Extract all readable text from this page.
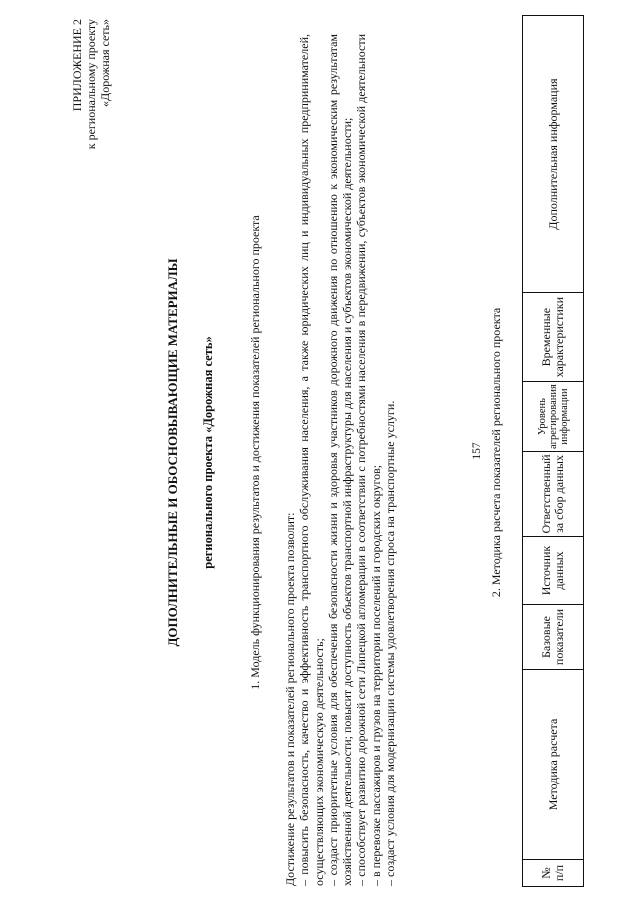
157
ПРИЛОЖЕНИЕ 2 к региональному проекту «Дорожная сеть»
ДОПОЛНИТЕЛЬНЫЕ И ОБОСНОВЫВАЮЩИЕ МАТЕРИАЛЫ регионального проекта «Дорожная сеть»	1. Модель функционирования результатов и достижения показателей регионального проекта

Достижение результатов и показателей регионального проекта позволит: – повысить безопасность, качество и эффективность транспортного обслуживания населения, а также юридических лиц и индивидуальных предпринимателей, осуществляющих экономическую деятельность; – создаст приоритетные условия для обеспечения безопасности жизни и здоровья участников дорожного движения по отношению к экономическим результатам хозяйственной деятельности; повысит доступность объектов транспортной инфраструктуры для населения и субъектов экономической деятельности; – способствует развитию дорожной сети Липецкой агломерации в соответствии с потребностями населения в передвижении, субъектов экономической деятельности – в перевозке пассажиров и грузов на территории поселений и городских округов; – создаст условия для модернизации системы удовлетворения спроса на транспортные услуги.	2. Методика расчета показателей регионального проекта
№ п/п	Методика расчета	Базовые показатели	Источник данных	Ответственный за сбор данных	Уровень агрегирования информации	Временные характеристики	Дополнительная информация
